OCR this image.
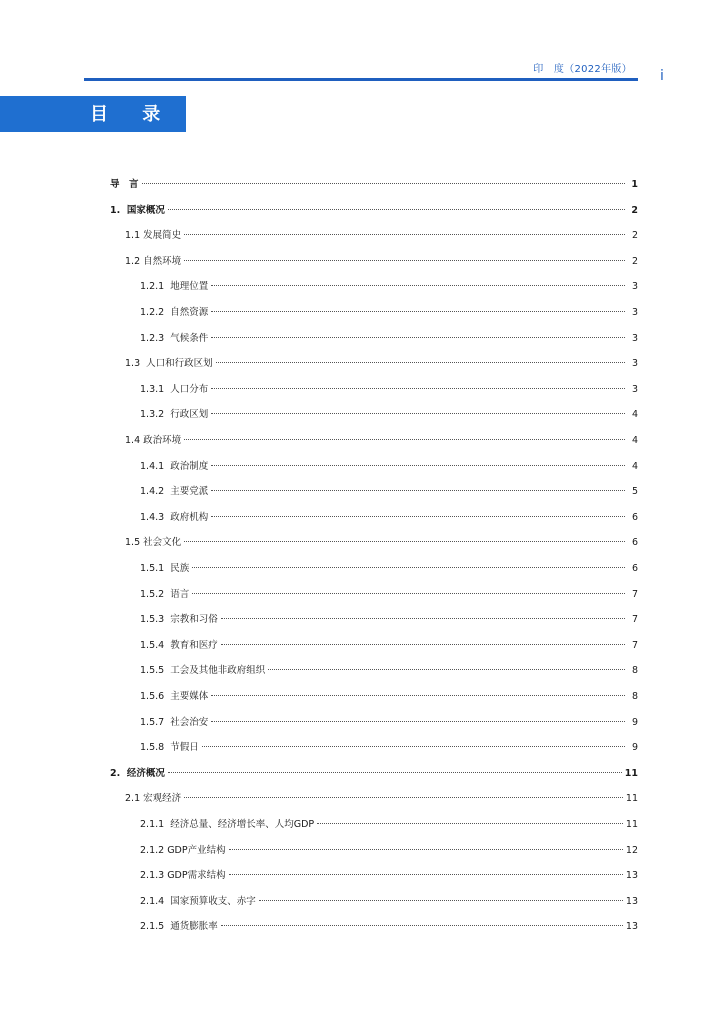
印　度（2022年版） i
目 录
导　言	1
1.  国家概况	2
1.1 发展简史	2
1.2 自然环境	2
1.2.1  地理位置	3
1.2.2  自然资源	3
1.2.3  气候条件	3
1.3  人口和行政区划	3
1.3.1  人口分布	3
1.3.2  行政区划	4
1.4 政治环境	4
1.4.1  政治制度	4
1.4.2  主要党派	5
1.4.3  政府机构	6
1.5 社会文化	6
1.5.1  民族	6
1.5.2  语言	7
1.5.3  宗教和习俗	7
1.5.4  教育和医疗	7
1.5.5  工会及其他非政府组织	8
1.5.6  主要媒体	8
1.5.7  社会治安	9
1.5.8  节假日	9
2.  经济概况	11
2.1 宏观经济	11
2.1.1  经济总量、经济增长率、人均GDP	11
2.1.2 GDP产业结构	12
2.1.3 GDP需求结构	13
2.1.4  国家预算收支、赤字	13
2.1.5  通货膨胀率	13
